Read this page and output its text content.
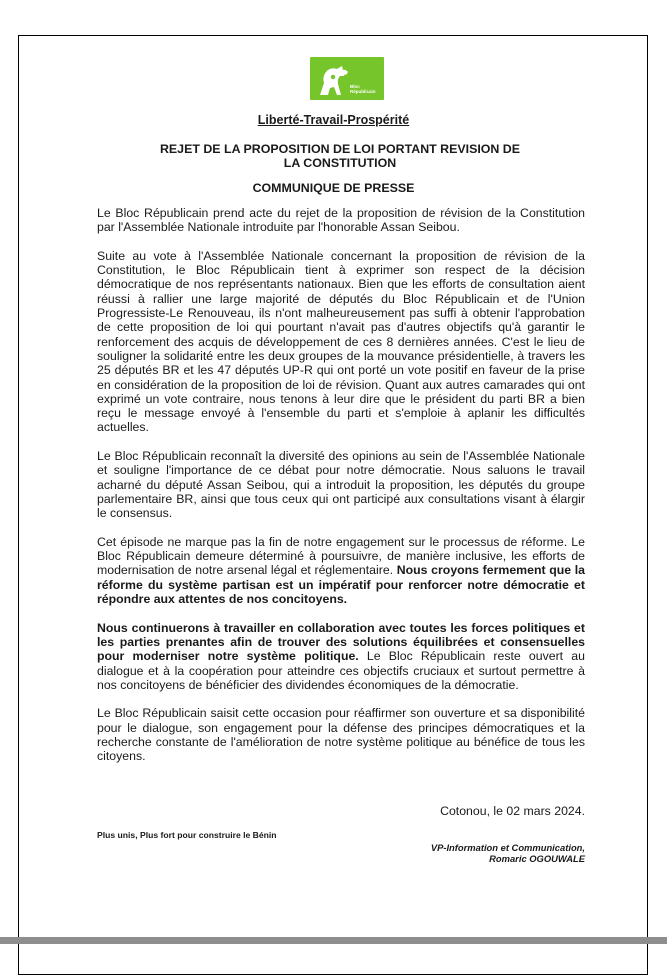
Bloc
Républicain
Liberté-Travail-Prospérité
REJET DE LA PROPOSITION DE LOI PORTANT REVISION DE LA CONSTITUTION
COMMUNIQUE DE PRESSE

Le Bloc Républicain prend acte du rejet de la proposition de révision de la Constitution par l'Assemblée Nationale introduite par l'honorable Assan Seibou.

Suite au vote à l'Assemblée Nationale concernant la proposition de révision de la Constitution, le Bloc Républicain tient à exprimer son respect de la décision démocratique de nos représentants nationaux. Bien que les efforts de consultation aient réussi à rallier une large majorité de députés du Bloc Républicain et de l'Union Progressiste-Le Renouveau, ils n'ont malheureusement pas suffi à obtenir l'approbation de cette proposition de loi qui pourtant n'avait pas d'autres objectifs qu'à garantir le renforcement des acquis de développement de ces 8 dernières années. C'est le lieu de souligner la solidarité entre les deux groupes de la mouvance présidentielle, à travers les 25 députés BR et les 47 députés UP-R qui ont porté un vote positif en faveur de la prise en considération de la proposition de loi de révision. Quant aux autres camarades qui ont exprimé un vote contraire, nous tenons à leur dire que le président du parti BR a bien reçu le message envoyé à l'ensemble du parti et s'emploie à aplanir les difficultés actuelles.

Le Bloc Républicain reconnaît la diversité des opinions au sein de l'Assemblée Nationale et souligne l'importance de ce débat pour notre démocratie. Nous saluons le travail acharné du député Assan Seibou, qui a introduit la proposition, les députés du groupe parlementaire BR, ainsi que tous ceux qui ont participé aux consultations visant à élargir le consensus.

Cet épisode ne marque pas la fin de notre engagement sur le processus de réforme. Le Bloc Républicain demeure déterminé à poursuivre, de manière inclusive, les efforts de modernisation de notre arsenal légal et réglementaire. Nous croyons fermement que la réforme du système partisan est un impératif pour renforcer notre démocratie et répondre aux attentes de nos concitoyens.

Nous continuerons à travailler en collaboration avec toutes les forces politiques et les parties prenantes afin de trouver des solutions équilibrées et consensuelles pour moderniser notre système politique. Le Bloc Républicain reste ouvert au dialogue et à la coopération pour atteindre ces objectifs cruciaux et surtout permettre à nos concitoyens de bénéficier des dividendes économiques de la démocratie.

Le Bloc Républicain saisit cette occasion pour réaffirmer son ouverture et sa disponibilité pour le dialogue, son engagement pour la défense des principes démocratiques et la recherche constante de l'amélioration de notre système politique au bénéfice de tous les citoyens.

Cotonou, le 02 mars 2024.
Plus unis, Plus fort pour construire le Bénin
VP-Information et Communication,
Romaric OGOUWALE
